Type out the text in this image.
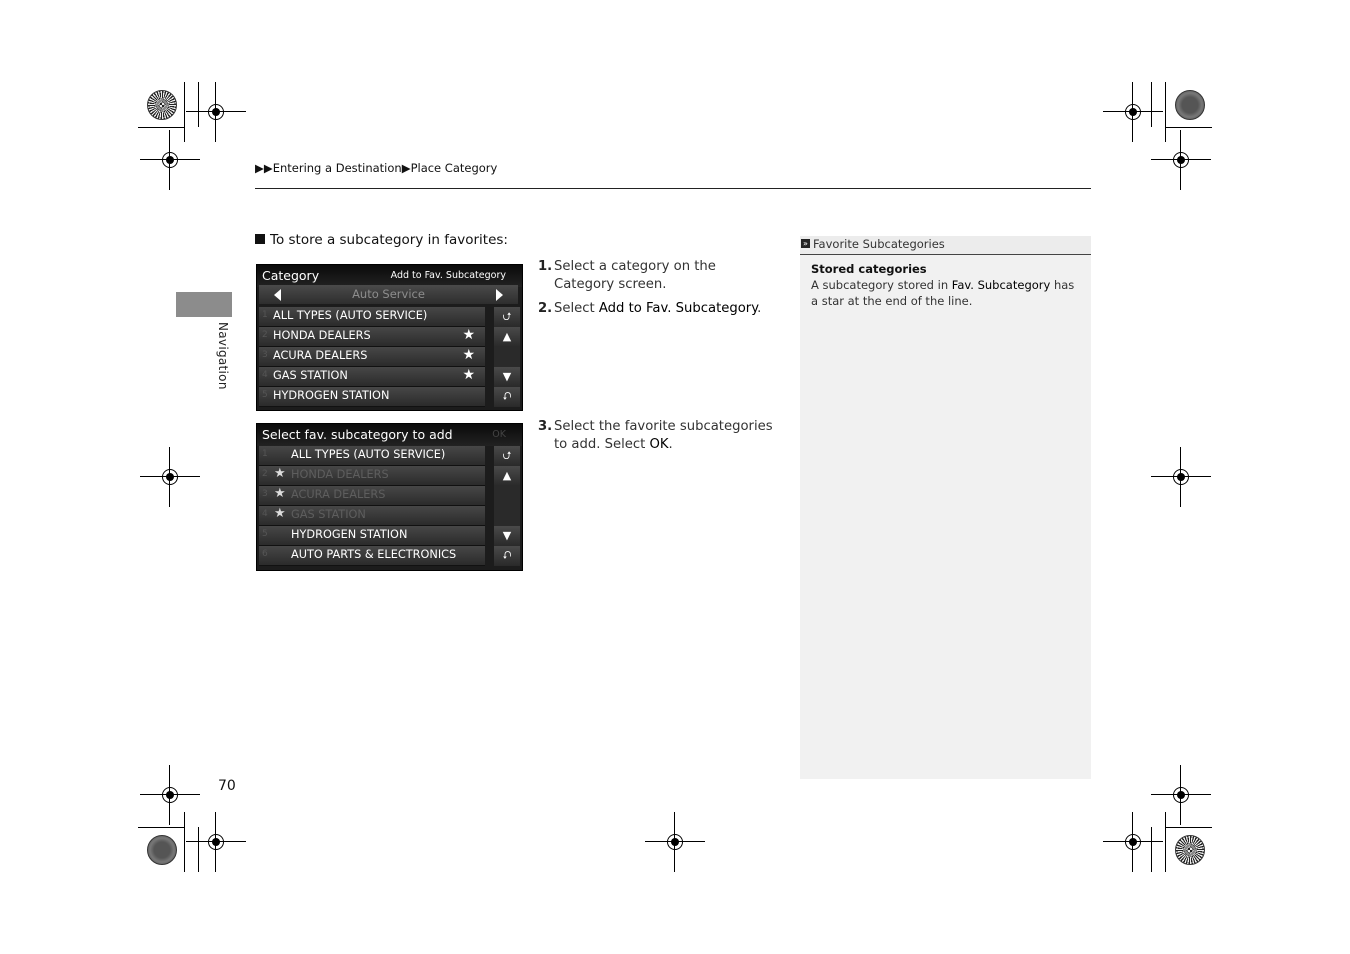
▶▶Entering a Destination▶Place Category
Navigation
To store a subcategory in favorites:
1. Select a category on the Category screen.
2. Select Add to Fav. Subcategory.
3. Select the favorite subcategories to add. Select OK.
Category	Add to Fav. Subcategory
Auto Service
1 ALL TYPES (AUTO SERVICE)
2 HONDA DEALERS	★
3 ACURA DEALERS	★
4 GAS STATION	★
5 HYDROGEN STATION
⮍
▲
▼
⮏
Select fav. subcategory to add	OK
1 ALL TYPES (AUTO SERVICE)
2 ★ HONDA DEALERS
3 ★ ACURA DEALERS
4 ★ GAS STATION
5 HYDROGEN STATION
6 AUTO PARTS & ELECTRONICS
⮍
▲
▼
⮏
» Favorite Subcategories
Stored categories
A subcategory stored in Fav. Subcategory has a star at the end of the line.
70
